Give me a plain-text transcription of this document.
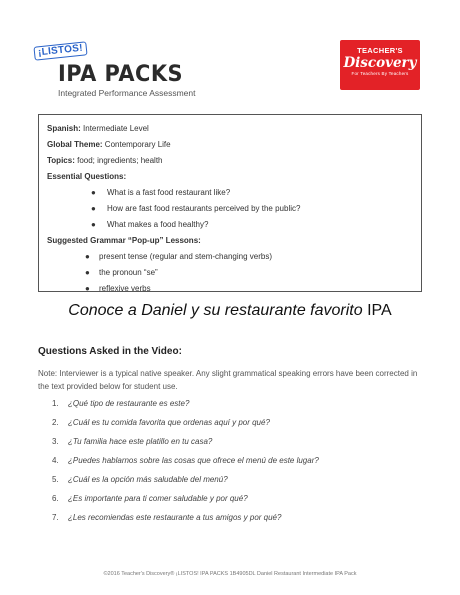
¡LISTOS!
IPA PACKS
Integrated Performance Assessment
TEACHER'S
Discovery
For Teachers By Teachers
Spanish: Intermediate Level
Global Theme: Contemporary Life
Topics: food; ingredients; health
Essential Questions:
● What is a fast food restaurant like?
● How are fast food restaurants perceived by the public?
● What makes a food healthy?
Suggested Grammar “Pop-up” Lessons:
● present tense (regular and stem-changing verbs)
● the pronoun “se”
● reflexive verbs
Conoce a Daniel y su restaurante favorito IPA
Questions Asked in the Video:
Note: Interviewer is a typical native speaker. Any slight grammatical speaking errors have been corrected in the text provided below for student use.
1. ¿Qué tipo de restaurante es este?
2. ¿Cuál es tu comida favorita que ordenas aquí y por qué?
3. ¿Tu familia hace este platillo en tu casa?
4. ¿Puedes hablarnos sobre las cosas que ofrece el menú de este lugar?
5. ¿Cuál es la opción más saludable del menú?
6. ¿Es importante para ti comer saludable y por qué?
7. ¿Les recomiendas este restaurante a tus amigos y por qué?
©2016 Teacher's Discovery® ¡LISTOS! IPA PACKS 1B4905DL Daniel Restaurant Intermediate IPA Pack
